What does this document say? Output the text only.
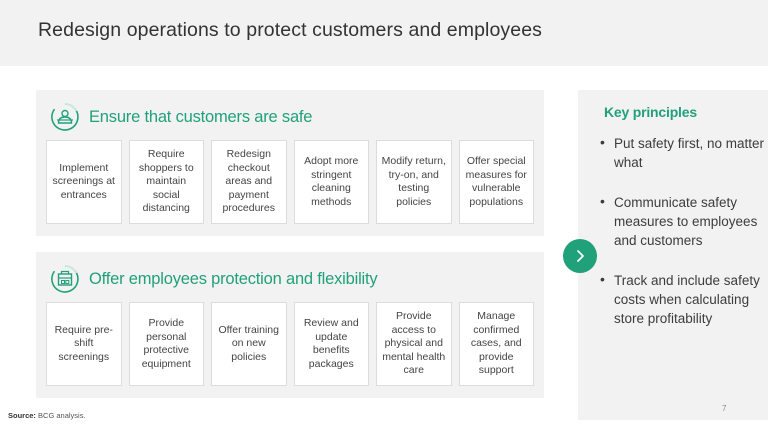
Redesign operations to protect customers and employees
Ensure that customers are safe
Implement screenings at entrances
Require shoppers to maintain social distancing
Redesign checkout areas and payment procedures
Adopt more stringent cleaning methods
Modify return, try-on, and testing policies
Offer special measures for vulnerable populations
Offer employees protection and flexibility
Require pre-shift screenings
Provide personal protective equipment
Offer training on new policies
Review and update benefits packages
Provide access to physical and mental health care
Manage confirmed cases, and provide support
Key principles
• Put safety first, no matter what
• Communicate safety measures to employees and customers
• Track and include safety costs when calculating store profitability
Source: BCG analysis.
7
